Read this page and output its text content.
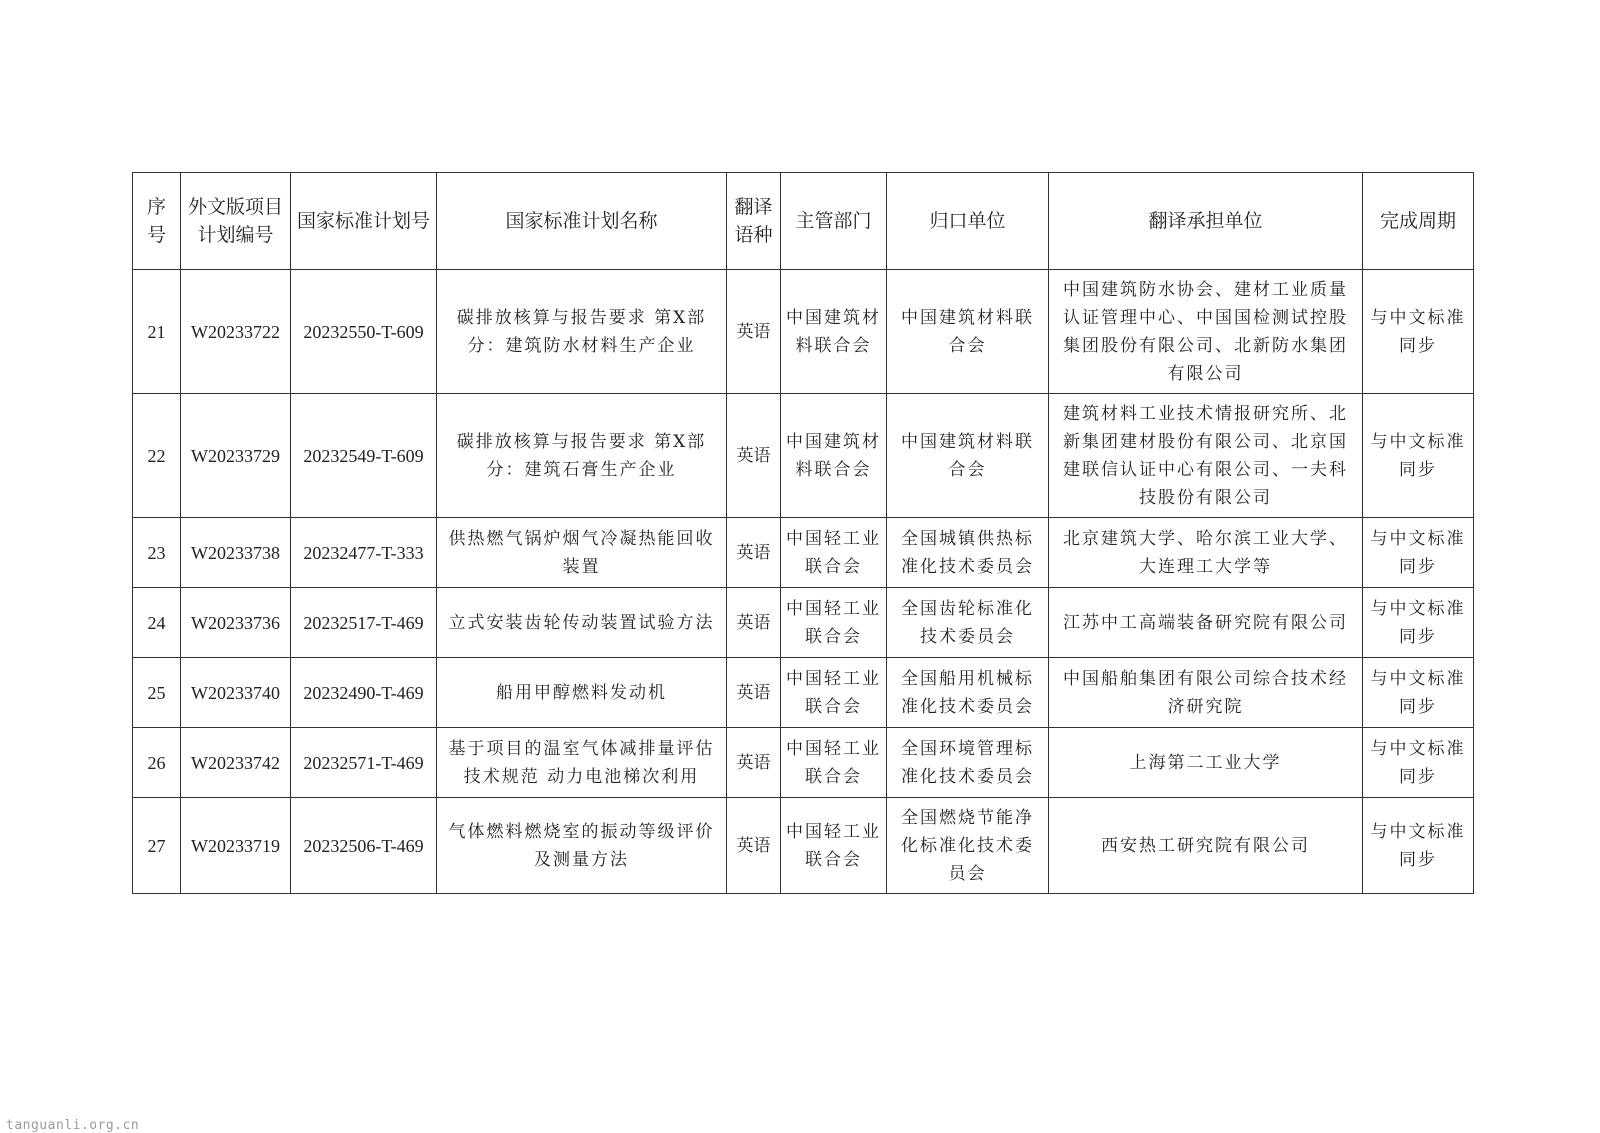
序号	外文版项目计划编号	国家标准计划号	国家标准计划名称	翻译语种	主管部门	归口单位	翻译承担单位	完成周期
21	W20233722	20232550-T-609	碳排放核算与报告要求 第X部分：建筑防水材料生产企业	英语	中国建筑材料联合会	中国建筑材料联合会	中国建筑防水协会、建材工业质量认证管理中心、中国国检测试控股集团股份有限公司、北新防水集团有限公司	与中文标准同步
22	W20233729	20232549-T-609	碳排放核算与报告要求 第X部分：建筑石膏生产企业	英语	中国建筑材料联合会	中国建筑材料联合会	建筑材料工业技术情报研究所、北新集团建材股份有限公司、北京国建联信认证中心有限公司、一夫科技股份有限公司	与中文标准同步
23	W20233738	20232477-T-333	供热燃气锅炉烟气冷凝热能回收装置	英语	中国轻工业联合会	全国城镇供热标准化技术委员会	北京建筑大学、哈尔滨工业大学、大连理工大学等	与中文标准同步
24	W20233736	20232517-T-469	立式安装齿轮传动装置试验方法	英语	中国轻工业联合会	全国齿轮标准化技术委员会	江苏中工高端装备研究院有限公司	与中文标准同步
25	W20233740	20232490-T-469	船用甲醇燃料发动机	英语	中国轻工业联合会	全国船用机械标准化技术委员会	中国船舶集团有限公司综合技术经济研究院	与中文标准同步
26	W20233742	20232571-T-469	基于项目的温室气体减排量评估技术规范 动力电池梯次利用	英语	中国轻工业联合会	全国环境管理标准化技术委员会	上海第二工业大学	与中文标准同步
27	W20233719	20232506-T-469	气体燃料燃烧室的振动等级评价及测量方法	英语	中国轻工业联合会	全国燃烧节能净化标准化技术委员会	西安热工研究院有限公司	与中文标准同步
tanguanli.org.cn
